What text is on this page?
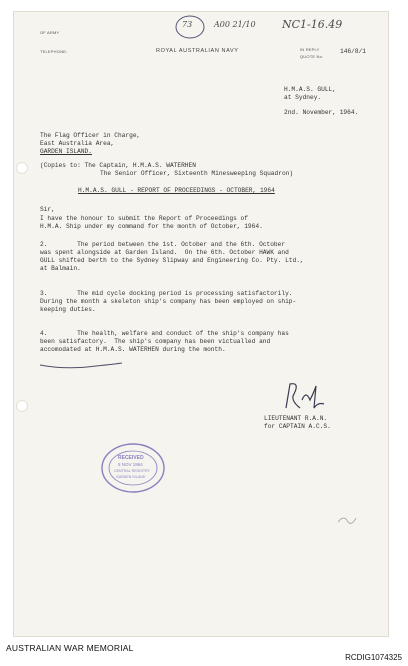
73	A00 21/10 NC1-16.49
OF ARMY
TELEPHONE:	ROYAL AUSTRALIAN NAVY	IN REPLY
QUOTE No.
146/8/1
H.M.A.S. GULL,
at Sydney.
2nd. November, 1964.
The Flag Officer in Charge,
East Australia Area,
GARDEN ISLAND.
(Copies to: The Captain, H.M.A.S. WATERHEN
The Senior Officer, Sixteenth Minesweeping Squadron)
H.M.A.S. GULL - REPORT OF PROCEEDINGS - OCTOBER, 1964
Sir,
I have the honour to submit the Report of Proceedings of
H.M.A. Ship under my command for the month of October, 1964.
2.        The period between the 1st. October and the 6th. October
was spent alongside at Garden Island.  On the 6th. October HAWK and
GULL shifted berth to the Sydney Slipway and Engineering Co. Pty. Ltd.,
at Balmain.
3.        The mid cycle docking period is processing satisfactorily.
During the month a skeleton ship's company has been employed on ship-
keeping duties.
4.        The health, welfare and conduct of the ship's company has
been satisfactory.  The ship's company has been victualled and
accomodated at H.M.A.S. WATERHEN during the month.
LIEUTENANT R.A.N.
for CAPTAIN A.C.S.
RECEIVED
5 NOV 1964
CENTRAL REGISTRY
GARDEN ISLAND
AUSTRALIAN WAR MEMORIAL
RCDIG1074325
